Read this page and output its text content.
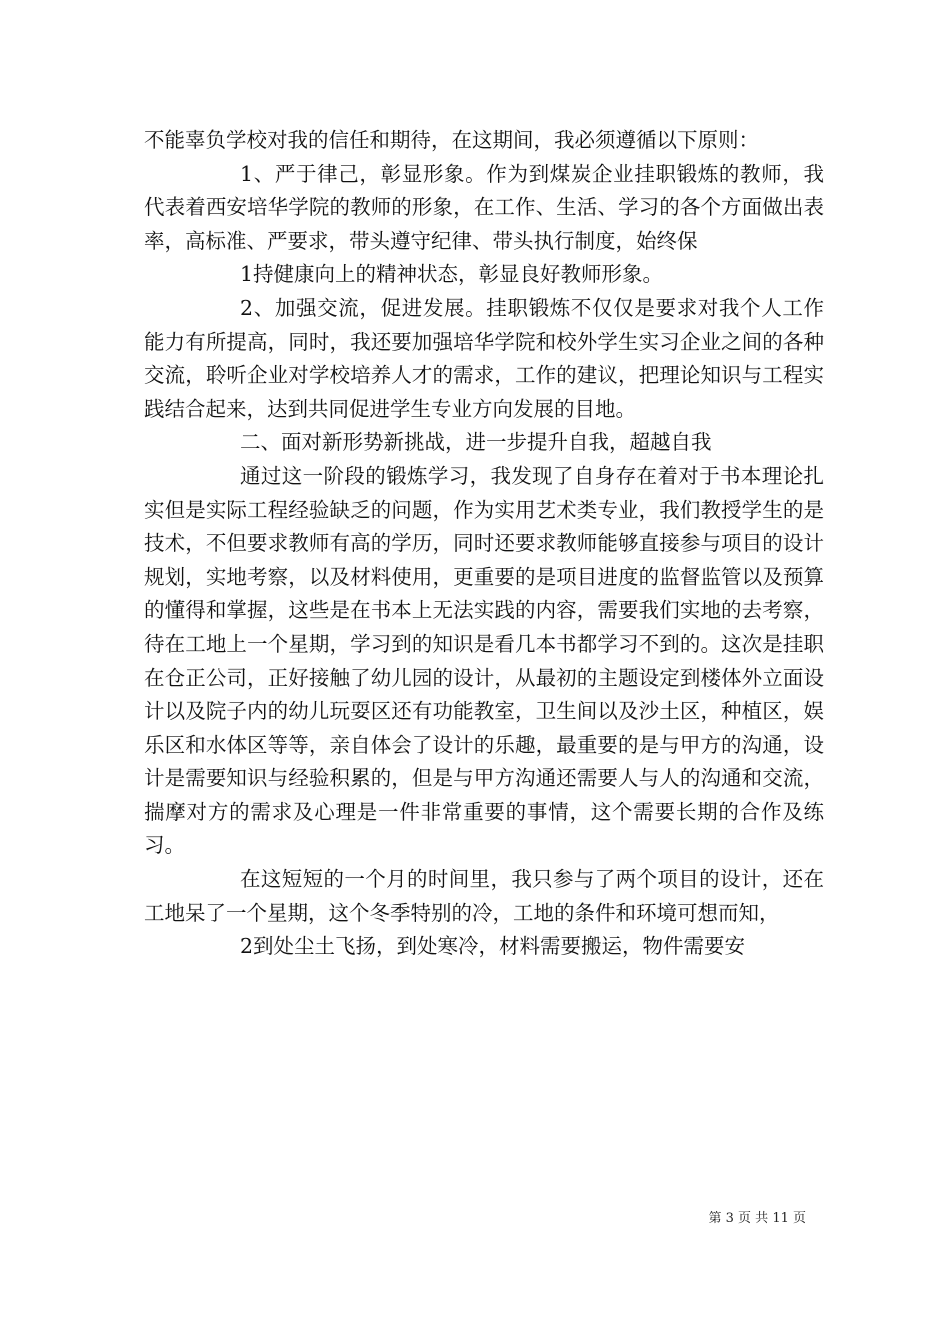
不能辜负学校对我的信任和期待，在这期间，我必须遵循以下原则：

1、严于律己，彰显形象。作为到煤炭企业挂职锻炼的教师，我代表着西安培华学院的教师的形象，在工作、生活、学习的各个方面做出表率，高标准、严要求，带头遵守纪律、带头执行制度，始终保

1持健康向上的精神状态，彰显良好教师形象。

2、加强交流，促进发展。挂职锻炼不仅仅是要求对我个人工作能力有所提高，同时，我还要加强培华学院和校外学生实习企业之间的各种交流，聆听企业对学校培养人才的需求，工作的建议，把理论知识与工程实践结合起来，达到共同促进学生专业方向发展的目地。

二、面对新形势新挑战，进一步提升自我，超越自我

通过这一阶段的锻炼学习，我发现了自身存在着对于书本理论扎实但是实际工程经验缺乏的问题，作为实用艺术类专业，我们教授学生的是技术，不但要求教师有高的学历，同时还要求教师能够直接参与项目的设计规划，实地考察，以及材料使用，更重要的是项目进度的监督监管以及预算的懂得和掌握，这些是在书本上无法实践的内容，需要我们实地的去考察，待在工地上一个星期，学习到的知识是看几本书都学习不到的。这次是挂职在仓正公司，正好接触了幼儿园的设计，从最初的主题设定到楼体外立面设计以及院子内的幼儿玩耍区还有功能教室，卫生间以及沙土区，种植区，娱乐区和水体区等等，亲自体会了设计的乐趣，最重要的是与甲方的沟通，设计是需要知识与经验积累的，但是与甲方沟通还需要人与人的沟通和交流，揣摩对方的需求及心理是一件非常重要的事情，这个需要长期的合作及练习。

在这短短的一个月的时间里，我只参与了两个项目的设计，还在工地呆了一个星期，这个冬季特别的冷，工地的条件和环境可想而知，

2到处尘土飞扬，到处寒冷，材料需要搬运，物件需要安

第 3 页 共 11 页
